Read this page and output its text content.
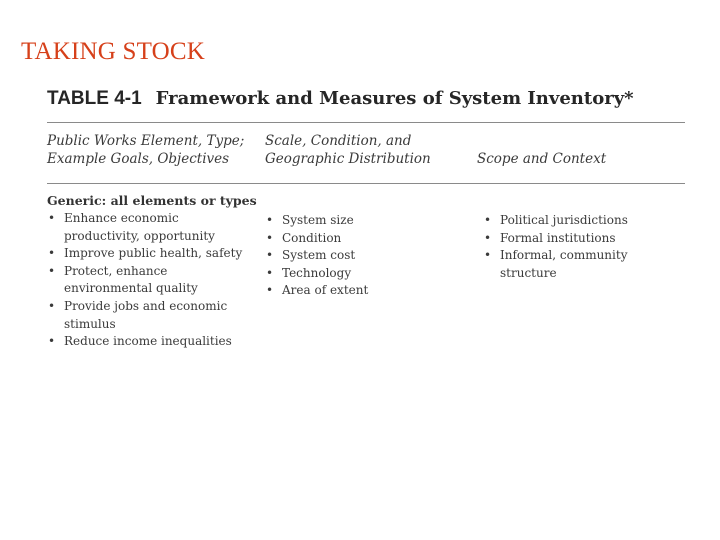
TAKING STOCK
TABLE 4-1 Framework and Measures of System Inventory*
Public Works Element, Type; Example Goals, Objectives
Scale, Condition, and Geographic Distribution	Scope and Context
Generic: all elements or types
• Enhance economic productivity, opportunity
• Improve public health, safety
• Protect, enhance environmental quality
• Provide jobs and economic stimulus
• Reduce income inequalities
• System size
• Condition
• System cost
• Technology
• Area of extent
• Political jurisdictions
• Formal institutions
• Informal, community structure
